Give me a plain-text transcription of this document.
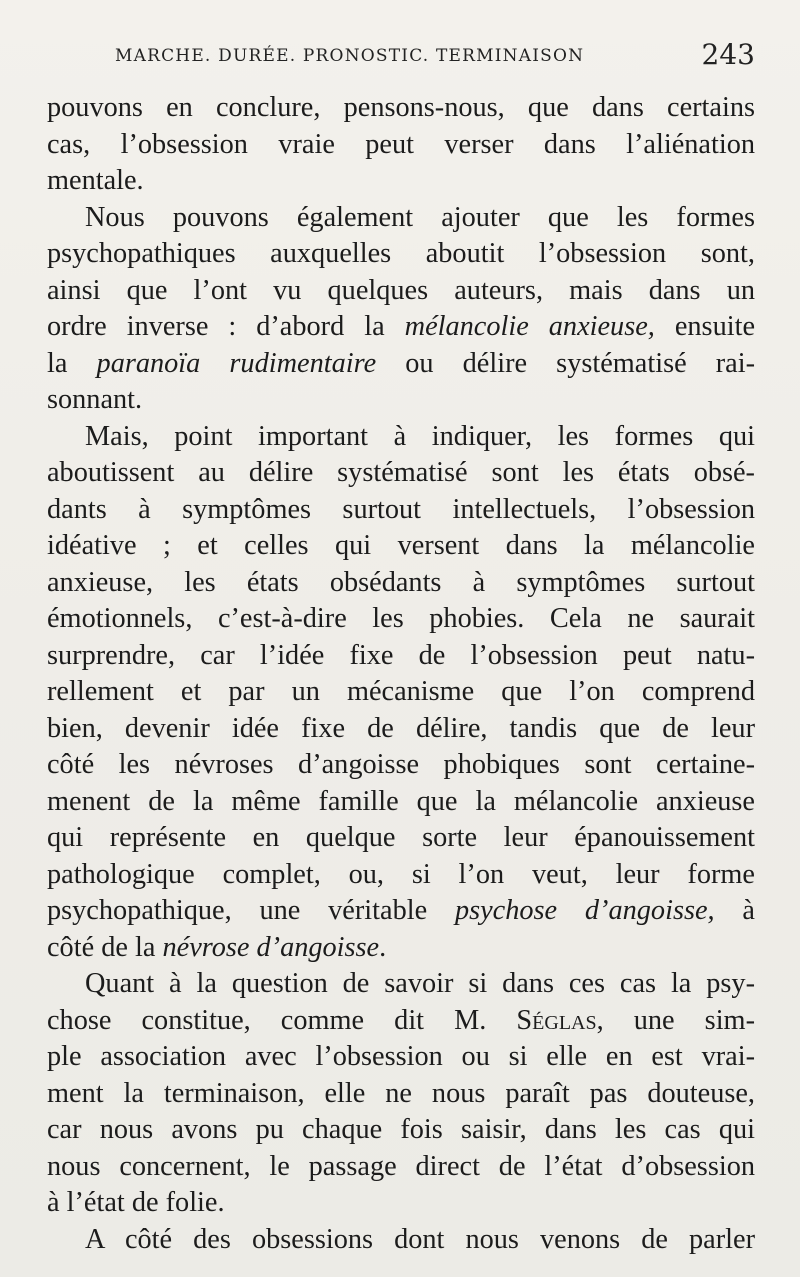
MARCHE. DURÉE. PRONOSTIC. TERMINAISON	243
pouvons en conclure, pensons-nous, que dans certains
cas, l’obsession vraie peut verser dans l’aliénation
mentale.
Nous pouvons également ajouter que les formes
psychopathiques auxquelles aboutit l’obsession sont,
ainsi que l’ont vu quelques auteurs, mais dans un
ordre inverse : d’abord la mélancolie anxieuse, ensuite
la paranoïa rudimentaire ou délire systématisé rai-
sonnant.
Mais, point important à indiquer, les formes qui
aboutissent au délire systématisé sont les états obsé-
dants à symptômes surtout intellectuels, l’obsession
idéative ; et celles qui versent dans la mélancolie
anxieuse, les états obsédants à symptômes surtout
émotionnels, c’est-à-dire les phobies. Cela ne saurait
surprendre, car l’idée fixe de l’obsession peut natu-
rellement et par un mécanisme que l’on comprend
bien, devenir idée fixe de délire, tandis que de leur
côté les névroses d’angoisse phobiques sont certaine-
menent de la même famille que la mélancolie anxieuse
qui représente en quelque sorte leur épanouissement
pathologique complet, ou, si l’on veut, leur forme
psychopathique, une véritable psychose d’angoisse, à
côté de la névrose d’angoisse.
Quant à la question de savoir si dans ces cas la psy-
chose constitue, comme dit M. Séglas, une sim-
ple association avec l’obsession ou si elle en est vrai-
ment la terminaison, elle ne nous paraît pas douteuse,
car nous avons pu chaque fois saisir, dans les cas qui
nous concernent, le passage direct de l’état d’obsession
à l’état de folie.
A côté des obsessions dont nous venons de parler
